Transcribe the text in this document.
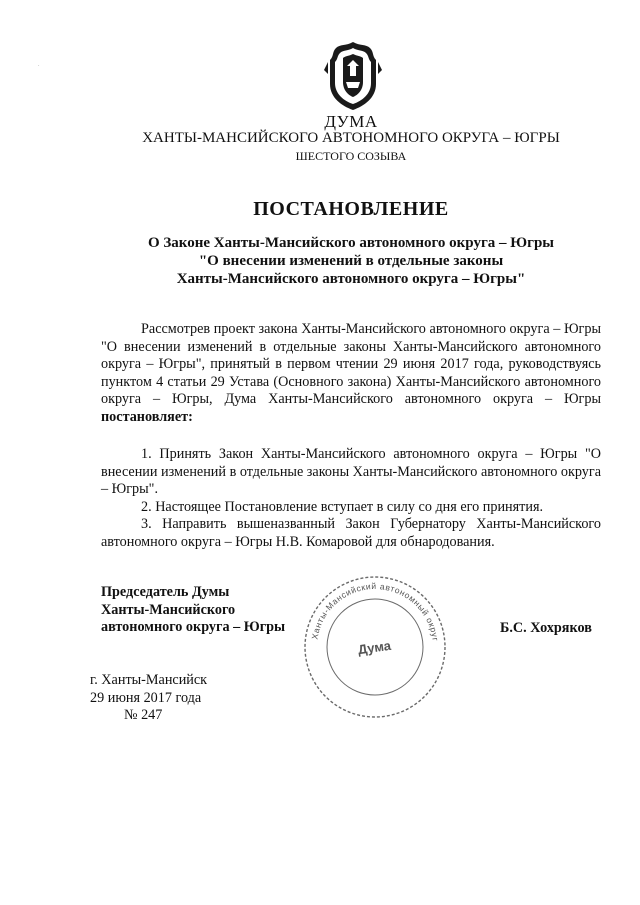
.
ДУМА
ХАНТЫ-МАНСИЙСКОГО АВТОНОМНОГО ОКРУГА – ЮГРЫ
ШЕСТОГО СОЗЫВА
ПОСТАНОВЛЕНИЕ
О Законе Ханты-Мансийского автономного округа – Югры
"О внесении изменений в отдельные законы
Ханты-Мансийского автономного округа – Югры"

Рассмотрев проект закона Ханты-Мансийского автономного округа – Югры "О внесении изменений в отдельные законы Ханты-Мансийского автономного округа – Югры", принятый в первом чтении 29 июня 2017 года, руководствуясь пунктом 4 статьи 29 Устава (Основного закона) Ханты-Мансийского автономного округа – Югры, Дума Ханты-Мансийского автономного округа – Югры постановляет:

1. Принять Закон Ханты-Мансийского автономного округа – Югры "О внесении изменений в отдельные законы Ханты-Мансийского автономного округа – Югры".

2. Настоящее Постановление вступает в силу со дня его принятия.

3. Направить вышеназванный Закон Губернатору Ханты-Мансийского автономного округа – Югры Н.В. Комаровой для обнародования.

Ханты-Мансийский автономный округ
Дума
Председатель Думы
Ханты-Мансийского
автономного округа – Югры	Б.С. Хохряков
г. Ханты-Мансийск
29 июня 2017 года
№ 247
